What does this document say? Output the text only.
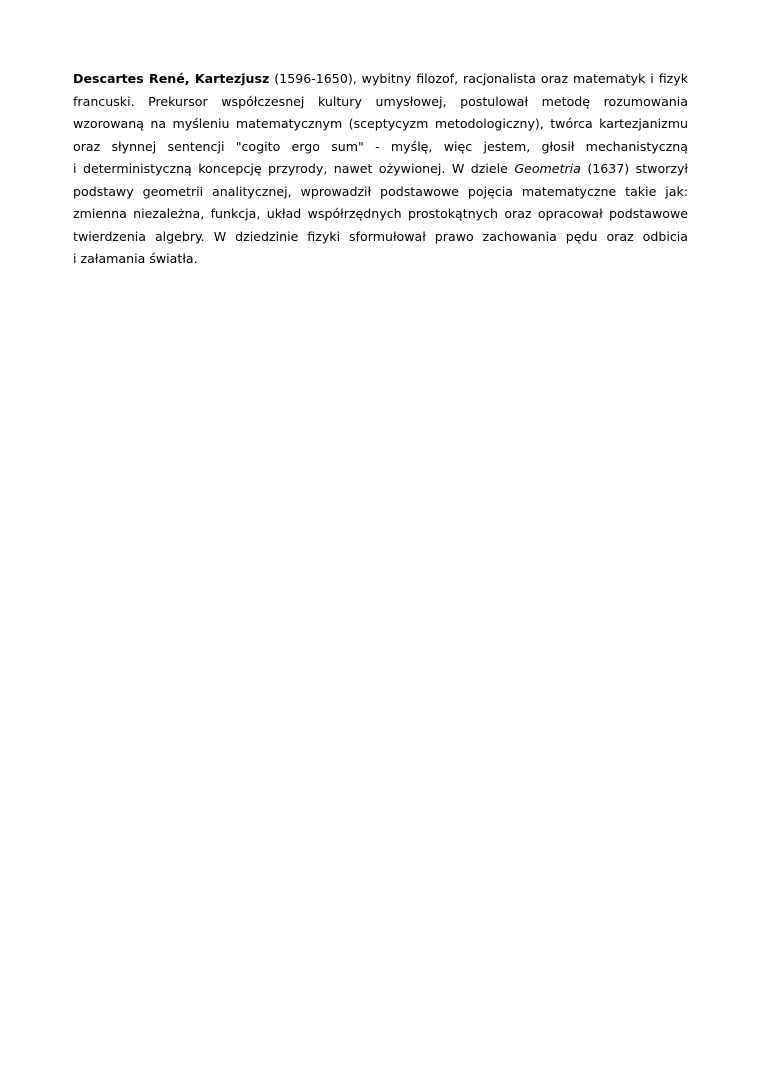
Descartes René, Kartezjusz (1596-1650), wybitny filozof, racjonalista oraz matematyk i fizyk
francuski. Prekursor współczesnej kultury umysłowej, postulował metodę rozumowania
wzorowaną na myśleniu matematycznym (sceptycyzm metodologiczny), twórca kartezjanizmu
oraz słynnej sentencji "cogito ergo sum" - myślę, więc jestem, głosił mechanistyczną
i deterministyczną koncepcję przyrody, nawet ożywionej. W dziele Geometria (1637) stworzył
podstawy geometrii analitycznej, wprowadził podstawowe pojęcia matematyczne takie jak:
zmienna niezależna, funkcja, układ współrzędnych prostokątnych oraz opracował podstawowe
twierdzenia algebry. W dziedzinie fizyki sformułował prawo zachowania pędu oraz odbicia
i załamania światła.
